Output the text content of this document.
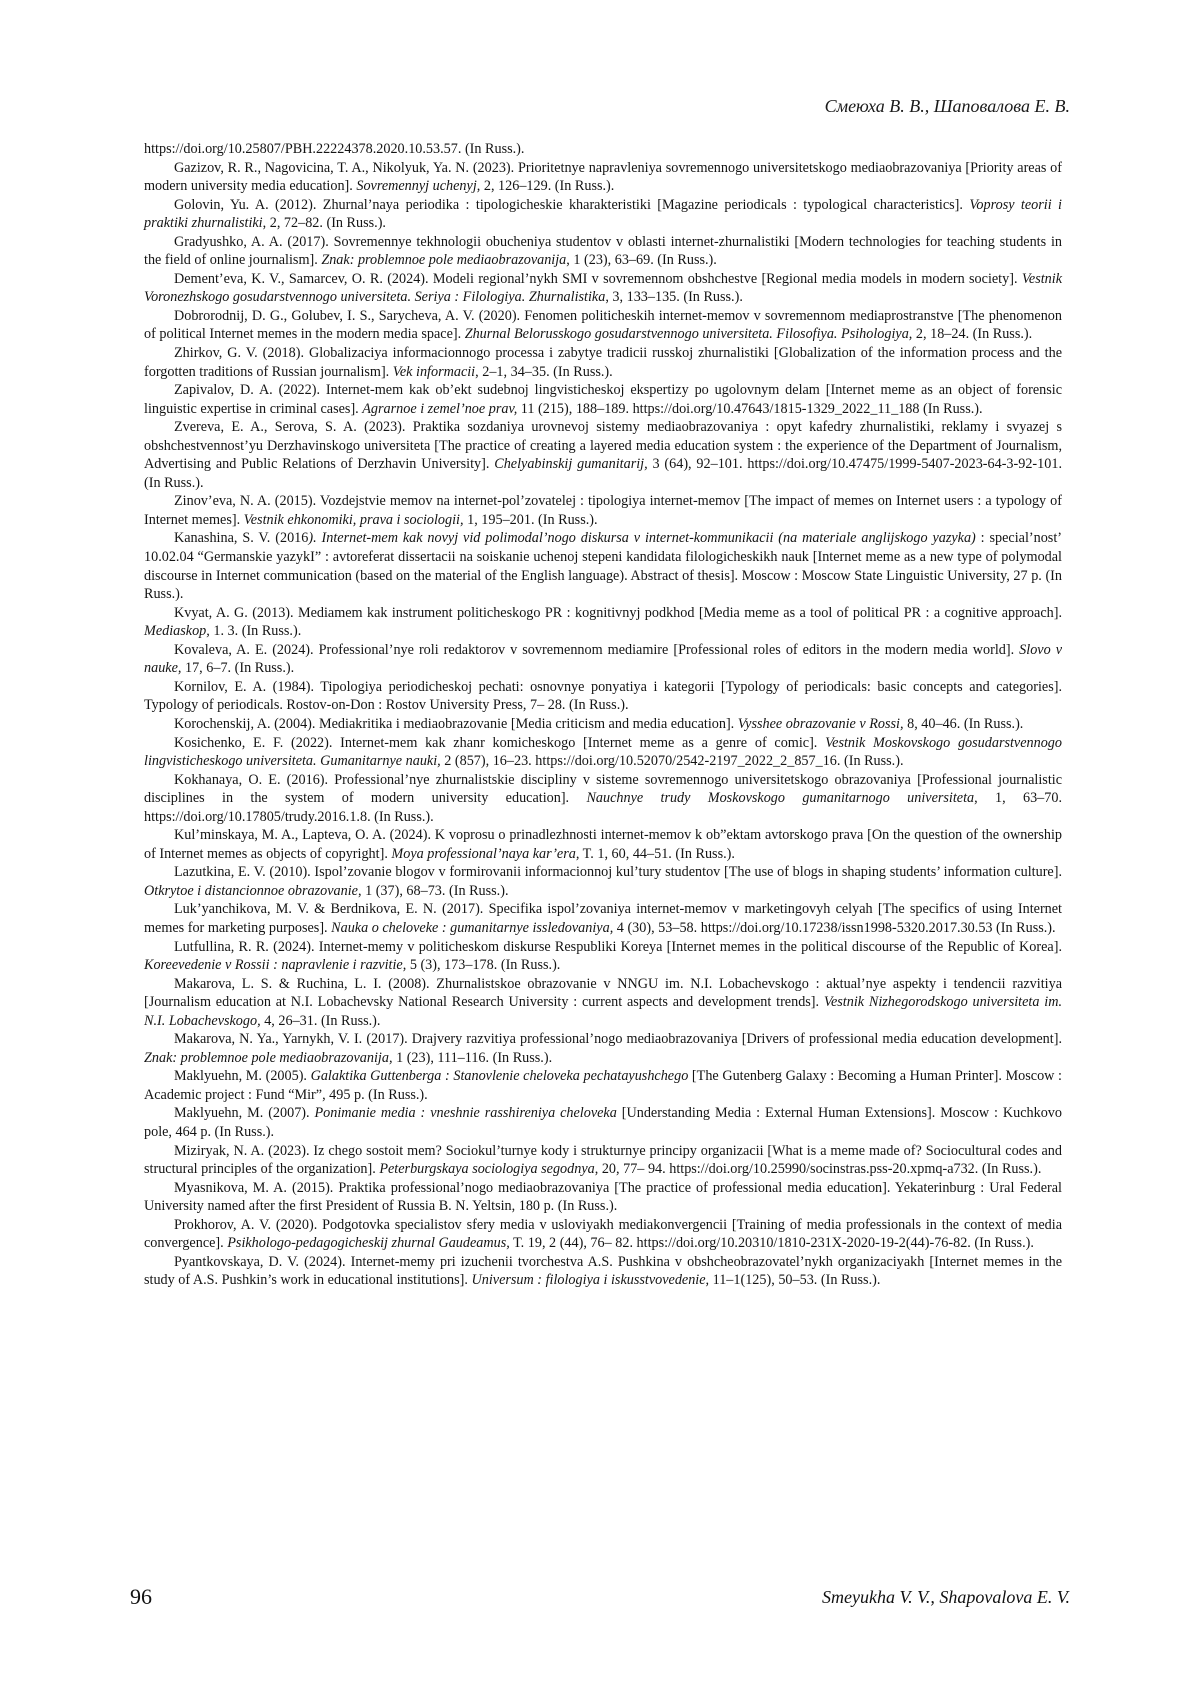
Смеюха В. В., Шаповалова Е. В.

https://doi.org/10.25807/PBH.22224378.2020.10.53.57. (In Russ.).

Gazizov, R. R., Nagovicina, T. A., Nikolyuk, Ya. N. (2023). Prioritetnye napravleniya sovremennogo universitetskogo mediaobrazovaniya [Priority areas of modern university media education]. Sovremennyj uchenyj, 2, 126–129. (In Russ.).

Golovin, Yu. A. (2012). Zhurnal’naya periodika : tipologicheskie kharakteristiki [Magazine periodicals : typological characteristics]. Voprosy teorii i praktiki zhurnalistiki, 2, 72–82. (In Russ.).

Gradyushko, A. A. (2017). Sovremennye tekhnologii obucheniya studentov v oblasti internet-zhurnalistiki [Modern technologies for teaching students in the field of online journalism]. Znak: problemnoe pole mediaobrazovanija, 1 (23), 63–69. (In Russ.).

Dement’eva, K. V., Samarcev, O. R. (2024). Modeli regional’nykh SMI v sovremennom obshchestve [Regional media models in modern society]. Vestnik Voronezhskogo gosudarstvennogo universiteta. Seriya : Filologiya. Zhurnalistika, 3, 133–135. (In Russ.).

Dobrorodnij, D. G., Golubev, I. S., Sarycheva, A. V. (2020). Fenomen politicheskih internet-memov v sovremennom mediaprostranstve [The phenomenon of political Internet memes in the modern media space]. Zhurnal Belorusskogo gosudarstvennogo universiteta. Filosofiya. Psihologiya, 2, 18–24. (In Russ.).

Zhirkov, G. V. (2018). Globalizaciya informacionnogo processa i zabytye tradicii russkoj zhurnalistiki [Globalization of the information process and the forgotten traditions of Russian journalism]. Vek informacii, 2–1, 34–35. (In Russ.).

Zapivalov, D. A. (2022). Internet-mem kak ob’ekt sudebnoj lingvisticheskoj ekspertizy po ugolovnym delam [Internet meme as an object of forensic linguistic expertise in criminal cases]. Agrarnoe i zemel’noe prav, 11 (215), 188–189. https://doi.org/10.47643/1815-1329_2022_11_188 (In Russ.).

Zvereva, E. A., Serova, S. A. (2023). Praktika sozdaniya urovnevoj sistemy mediaobrazovaniya : opyt kafedry zhurnalistiki, reklamy i svyazej s obshchestvennost’yu Derzhavinskogo universiteta [The practice of creating a layered media education system : the experience of the Department of Journalism, Advertising and Public Relations of Derzhavin University]. Chelyabinskij gumanitarij, 3 (64), 92–101. https://doi.org/10.47475/1999-5407-2023-64-3-92-101. (In Russ.).

Zinov’eva, N. A. (2015). Vozdejstvie memov na internet-pol’zovatelej : tipologiya internet-memov [The impact of memes on Internet users : a typology of Internet memes]. Vestnik ehkonomiki, prava i sociologii, 1, 195–201. (In Russ.).

Kanashina, S. V. (2016). Internet-mem kak novyj vid polimodal’nogo diskursa v internet-kommunikacii (na materiale anglijskogo yazyka) : special’nost’ 10.02.04 “Germanskie yazykI” : avtoreferat dissertacii na soiskanie uchenoj stepeni kandidata filologicheskikh nauk [Internet meme as a new type of polymodal discourse in Internet communication (based on the material of the English language). Abstract of thesis]. Moscow : Moscow State Linguistic University, 27 p. (In Russ.).

Kvyat, A. G. (2013). Mediamem kak instrument politicheskogo PR : kognitivnyj podkhod [Media meme as a tool of political PR : a cognitive approach]. Mediaskop, 1. 3. (In Russ.).

Kovaleva, A. E. (2024). Professional’nye roli redaktorov v sovremennom mediamire [Professional roles of editors in the modern media world]. Slovo v nauke, 17, 6–7. (In Russ.).

Kornilov, E. A. (1984). Tipologiya periodicheskoj pechati: osnovnye ponyatiya i kategorii [Typology of periodicals: basic concepts and categories]. Typology of periodicals. Rostov-on-Don : Rostov University Press, 7– 28. (In Russ.).

Korochenskij, A. (2004). Mediakritika i mediaobrazovanie [Media criticism and media education]. Vysshee obrazovanie v Rossi, 8, 40–46. (In Russ.).

Kosichenko, E. F. (2022). Internet-mem kak zhanr komicheskogo [Internet meme as a genre of comic]. Vestnik Moskovskogo gosudarstvennogo lingvisticheskogo universiteta. Gumanitarnye nauki, 2 (857), 16–23. https://doi.org/10.52070/2542-2197_2022_2_857_16. (In Russ.).

Kokhanaya, O. E. (2016). Professional’nye zhurnalistskie discipliny v sisteme sovremennogo universitetskogo obrazovaniya [Professional journalistic disciplines in the system of modern university education]. Nauchnye trudy Moskovskogo gumanitarnogo universiteta, 1, 63–70. https://doi.org/10.17805/trudy.2016.1.8. (In Russ.).

Kul’minskaya, M. A., Lapteva, O. A. (2024). K voprosu o prinadlezhnosti internet-memov k ob”ektam avtorskogo prava [On the question of the ownership of Internet memes as objects of copyright]. Moya professional’naya kar’era, T. 1, 60, 44–51. (In Russ.).

Lazutkina, E. V. (2010). Ispol’zovanie blogov v formirovanii informacionnoj kul’tury studentov [The use of blogs in shaping students’ information culture]. Otkrytoe i distancionnoe obrazovanie, 1 (37), 68–73. (In Russ.).

Luk’yanchikova, M. V. & Berdnikova, E. N. (2017). Specifika ispol’zovaniya internet-memov v marketingovyh celyah [The specifics of using Internet memes for marketing purposes]. Nauka o cheloveke : gumanitarnye issledovaniya, 4 (30), 53–58. https://doi.org/10.17238/issn1998-5320.2017.30.53 (In Russ.).

Lutfullina, R. R. (2024). Internet-memy v politicheskom diskurse Respubliki Koreya [Internet memes in the political discourse of the Republic of Korea]. Koreevedenie v Rossii : napravlenie i razvitie, 5 (3), 173–178. (In Russ.).

Makarova, L. S. & Ruchina, L. I. (2008). Zhurnalistskoe obrazovanie v NNGU im. N.I. Lobachevskogo : aktual’nye aspekty i tendencii razvitiya [Journalism education at N.I. Lobachevsky National Research University : current aspects and development trends]. Vestnik Nizhegorodskogo universiteta im. N.I. Lobachevskogo, 4, 26–31. (In Russ.).

Makarova, N. Ya., Yarnykh, V. I. (2017). Drajvery razvitiya professional’nogo mediaobrazovaniya [Drivers of professional media education development]. Znak: problemnoe pole mediaobrazovanija, 1 (23), 111–116. (In Russ.).

Maklyuehn, M. (2005). Galaktika Guttenberga : Stanovlenie cheloveka pechatayushchego [The Gutenberg Galaxy : Becoming a Human Printer]. Moscow : Academic project : Fund “Mir”, 495 p. (In Russ.).

Maklyuehn, M. (2007). Ponimanie media : vneshnie rasshireniya cheloveka [Understanding Media : External Human Extensions]. Moscow : Kuchkovo pole, 464 p. (In Russ.).

Miziryak, N. A. (2023). Iz chego sostoit mem? Sociokul’turnye kody i strukturnye principy organizacii [What is a meme made of? Sociocultural codes and structural principles of the organization]. Peterburgskaya sociologiya segodnya, 20, 77– 94. https://doi.org/10.25990/socinstras.pss-20.xpmq-a732. (In Russ.).

Myasnikova, M. A. (2015). Praktika professional’nogo mediaobrazovaniya [The practice of professional media education]. Yekaterinburg : Ural Federal University named after the first President of Russia B. N. Yeltsin, 180 p. (In Russ.).

Prokhorov, A. V. (2020). Podgotovka specialistov sfery media v usloviyakh mediakonvergencii [Training of media professionals in the context of media convergence]. Psikhologo-pedagogicheskij zhurnal Gaudeamus, T. 19, 2 (44), 76– 82. https://doi.org/10.20310/1810-231X-2020-19-2(44)-76-82. (In Russ.).

Pyantkovskaya, D. V. (2024). Internet-memy pri izuchenii tvorchestva A.S. Pushkina v obshcheobrazovatel’nykh organizaciyakh [Internet memes in the study of A.S. Pushkin’s work in educational institutions]. Universum : filologiya i iskusstvovedenie, 11–1(125), 50–53. (In Russ.).

96	Smeyukha V. V., Shapovalova E. V.
